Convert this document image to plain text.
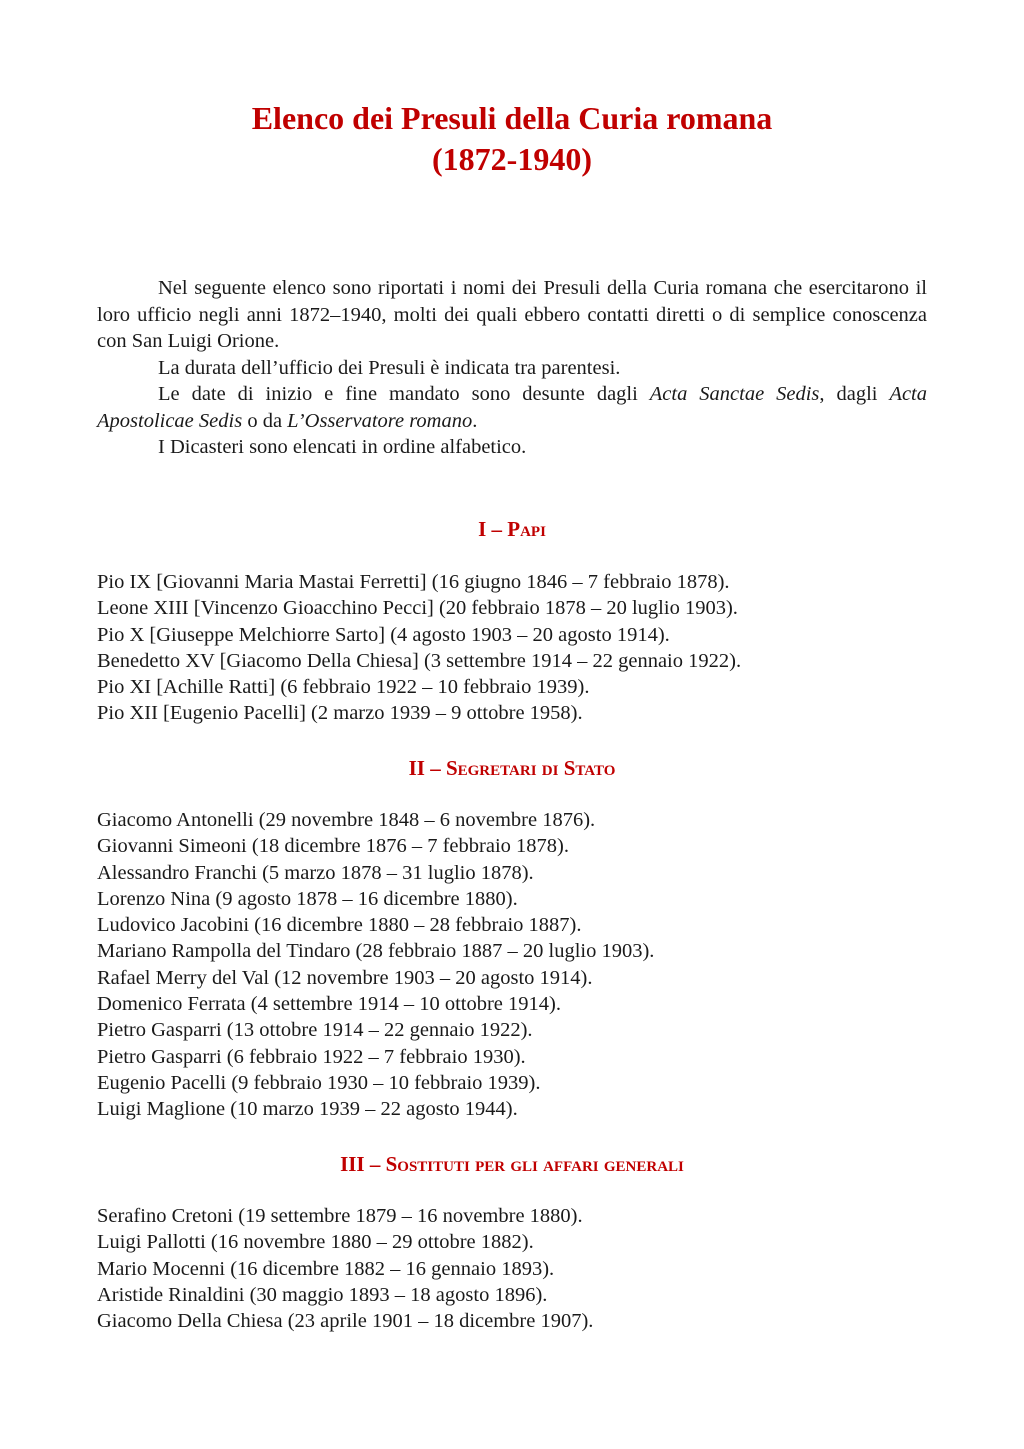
Elenco dei Presuli della Curia romana
(1872-1940)

Nel seguente elenco sono riportati i nomi dei Presuli della Curia romana che esercitarono il loro ufficio negli anni 1872–1940, molti dei quali ebbero contatti diretti o di semplice conoscenza con San Luigi Orione.

La durata dell’ufficio dei Presuli è indicata tra parentesi.

Le date di inizio e fine mandato sono desunte dagli Acta Sanctae Sedis, dagli Acta Apostolicae Sedis o da L’Osservatore romano.

I Dicasteri sono elencati in ordine alfabetico.

I – Papi
Pio IX [Giovanni Maria Mastai Ferretti] (16 giugno 1846 – 7 febbraio 1878).
Leone XIII [Vincenzo Gioacchino Pecci] (20 febbraio 1878 – 20 luglio 1903).
Pio X [Giuseppe Melchiorre Sarto] (4 agosto 1903 – 20 agosto 1914).
Benedetto XV [Giacomo Della Chiesa] (3 settembre 1914 – 22 gennaio 1922).
Pio XI [Achille Ratti] (6 febbraio 1922 – 10 febbraio 1939).
Pio XII [Eugenio Pacelli] (2 marzo 1939 – 9 ottobre 1958).
II – Segretari di Stato
Giacomo Antonelli (29 novembre 1848 – 6 novembre 1876).
Giovanni Simeoni (18 dicembre 1876 – 7 febbraio 1878).
Alessandro Franchi (5 marzo 1878 – 31 luglio 1878).
Lorenzo Nina (9 agosto 1878 – 16 dicembre 1880).
Ludovico Jacobini (16 dicembre 1880 – 28 febbraio 1887).
Mariano Rampolla del Tindaro (28 febbraio 1887 – 20 luglio 1903).
Rafael Merry del Val (12 novembre 1903 – 20 agosto 1914).
Domenico Ferrata (4 settembre 1914 – 10 ottobre 1914).
Pietro Gasparri (13 ottobre 1914 – 22 gennaio 1922).
Pietro Gasparri (6 febbraio 1922 – 7 febbraio 1930).
Eugenio Pacelli (9 febbraio 1930 – 10 febbraio 1939).
Luigi Maglione (10 marzo 1939 – 22 agosto 1944).
III – Sostituti per gli affari generali
Serafino Cretoni (19 settembre 1879 – 16 novembre 1880).
Luigi Pallotti (16 novembre 1880 – 29 ottobre 1882).
Mario Mocenni (16 dicembre 1882 – 16 gennaio 1893).
Aristide Rinaldini (30 maggio 1893 – 18 agosto 1896).
Giacomo Della Chiesa (23 aprile 1901 – 18 dicembre 1907).
